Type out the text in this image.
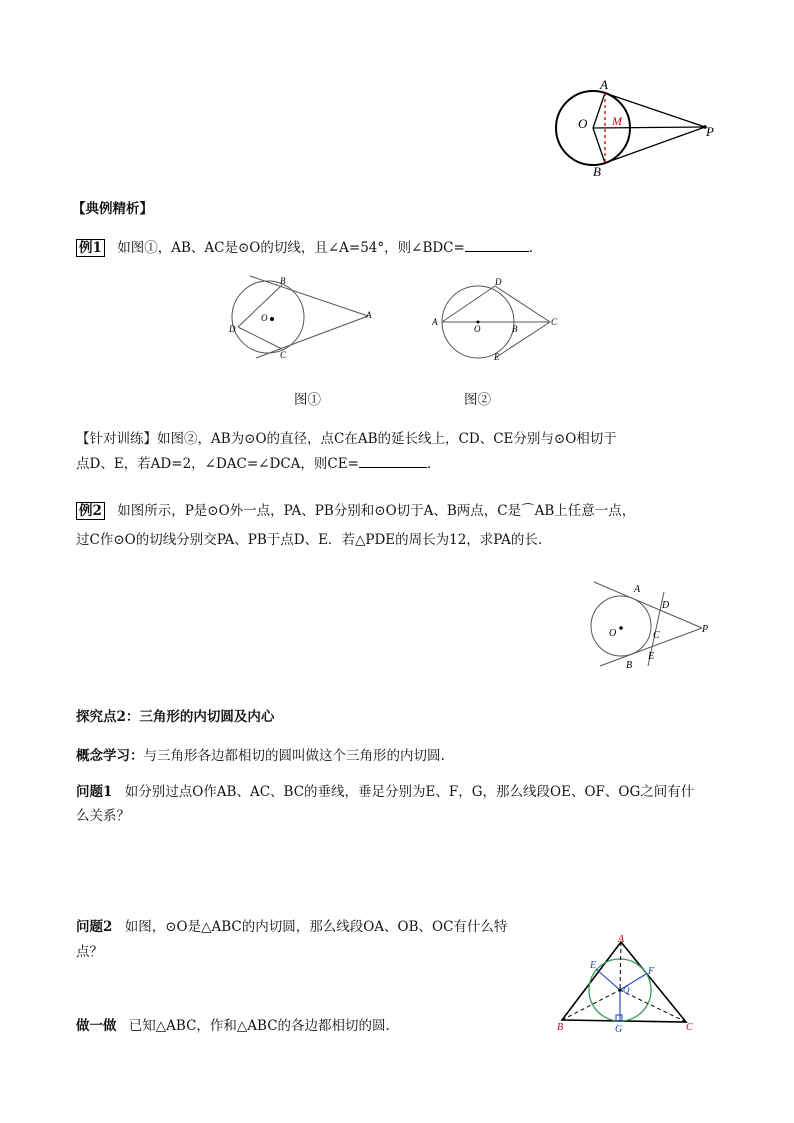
A
B
O M
P
【典例精析】
例1 如图①，AB、AC是⊙O的切线，且∠A=54°，则∠BDC=	.
B
A
C
D
O
图①
A
D
O	B
C
E
图②
【针对训练】如图②，AB为⊙O的直径，点C在AB的延长线上，CD、CE分别与⊙O相切于
点D、E，若AD=2，∠DAC=∠DCA，则CE=	.
例2 如图所示，P是⊙O外一点，PA、PB分别和⊙O切于A、B两点，C是⌒AB上任意一点，
过C作⊙O的切线分别交PA、PB于点D、E．若△PDE的周长为12，求PA的长.
A
D
O	C
P
E
B
探究点2：三角形的内切圆及内心
概念学习：与三角形各边都相切的圆叫做这个三角形的内切圆.
问题1 如分别过点O作AB、AC、BC的垂线，垂足分别为E、F，G，那么线段OE、OF、OG之间有什
么关系？
问题2 如图，⊙O是△ABC的内切圆，那么线段OA、OB、OC有什么特
点？
做一做 已知△ABC，作和△ABC的各边都相切的圆.
A
E
F
O
B	G	C
